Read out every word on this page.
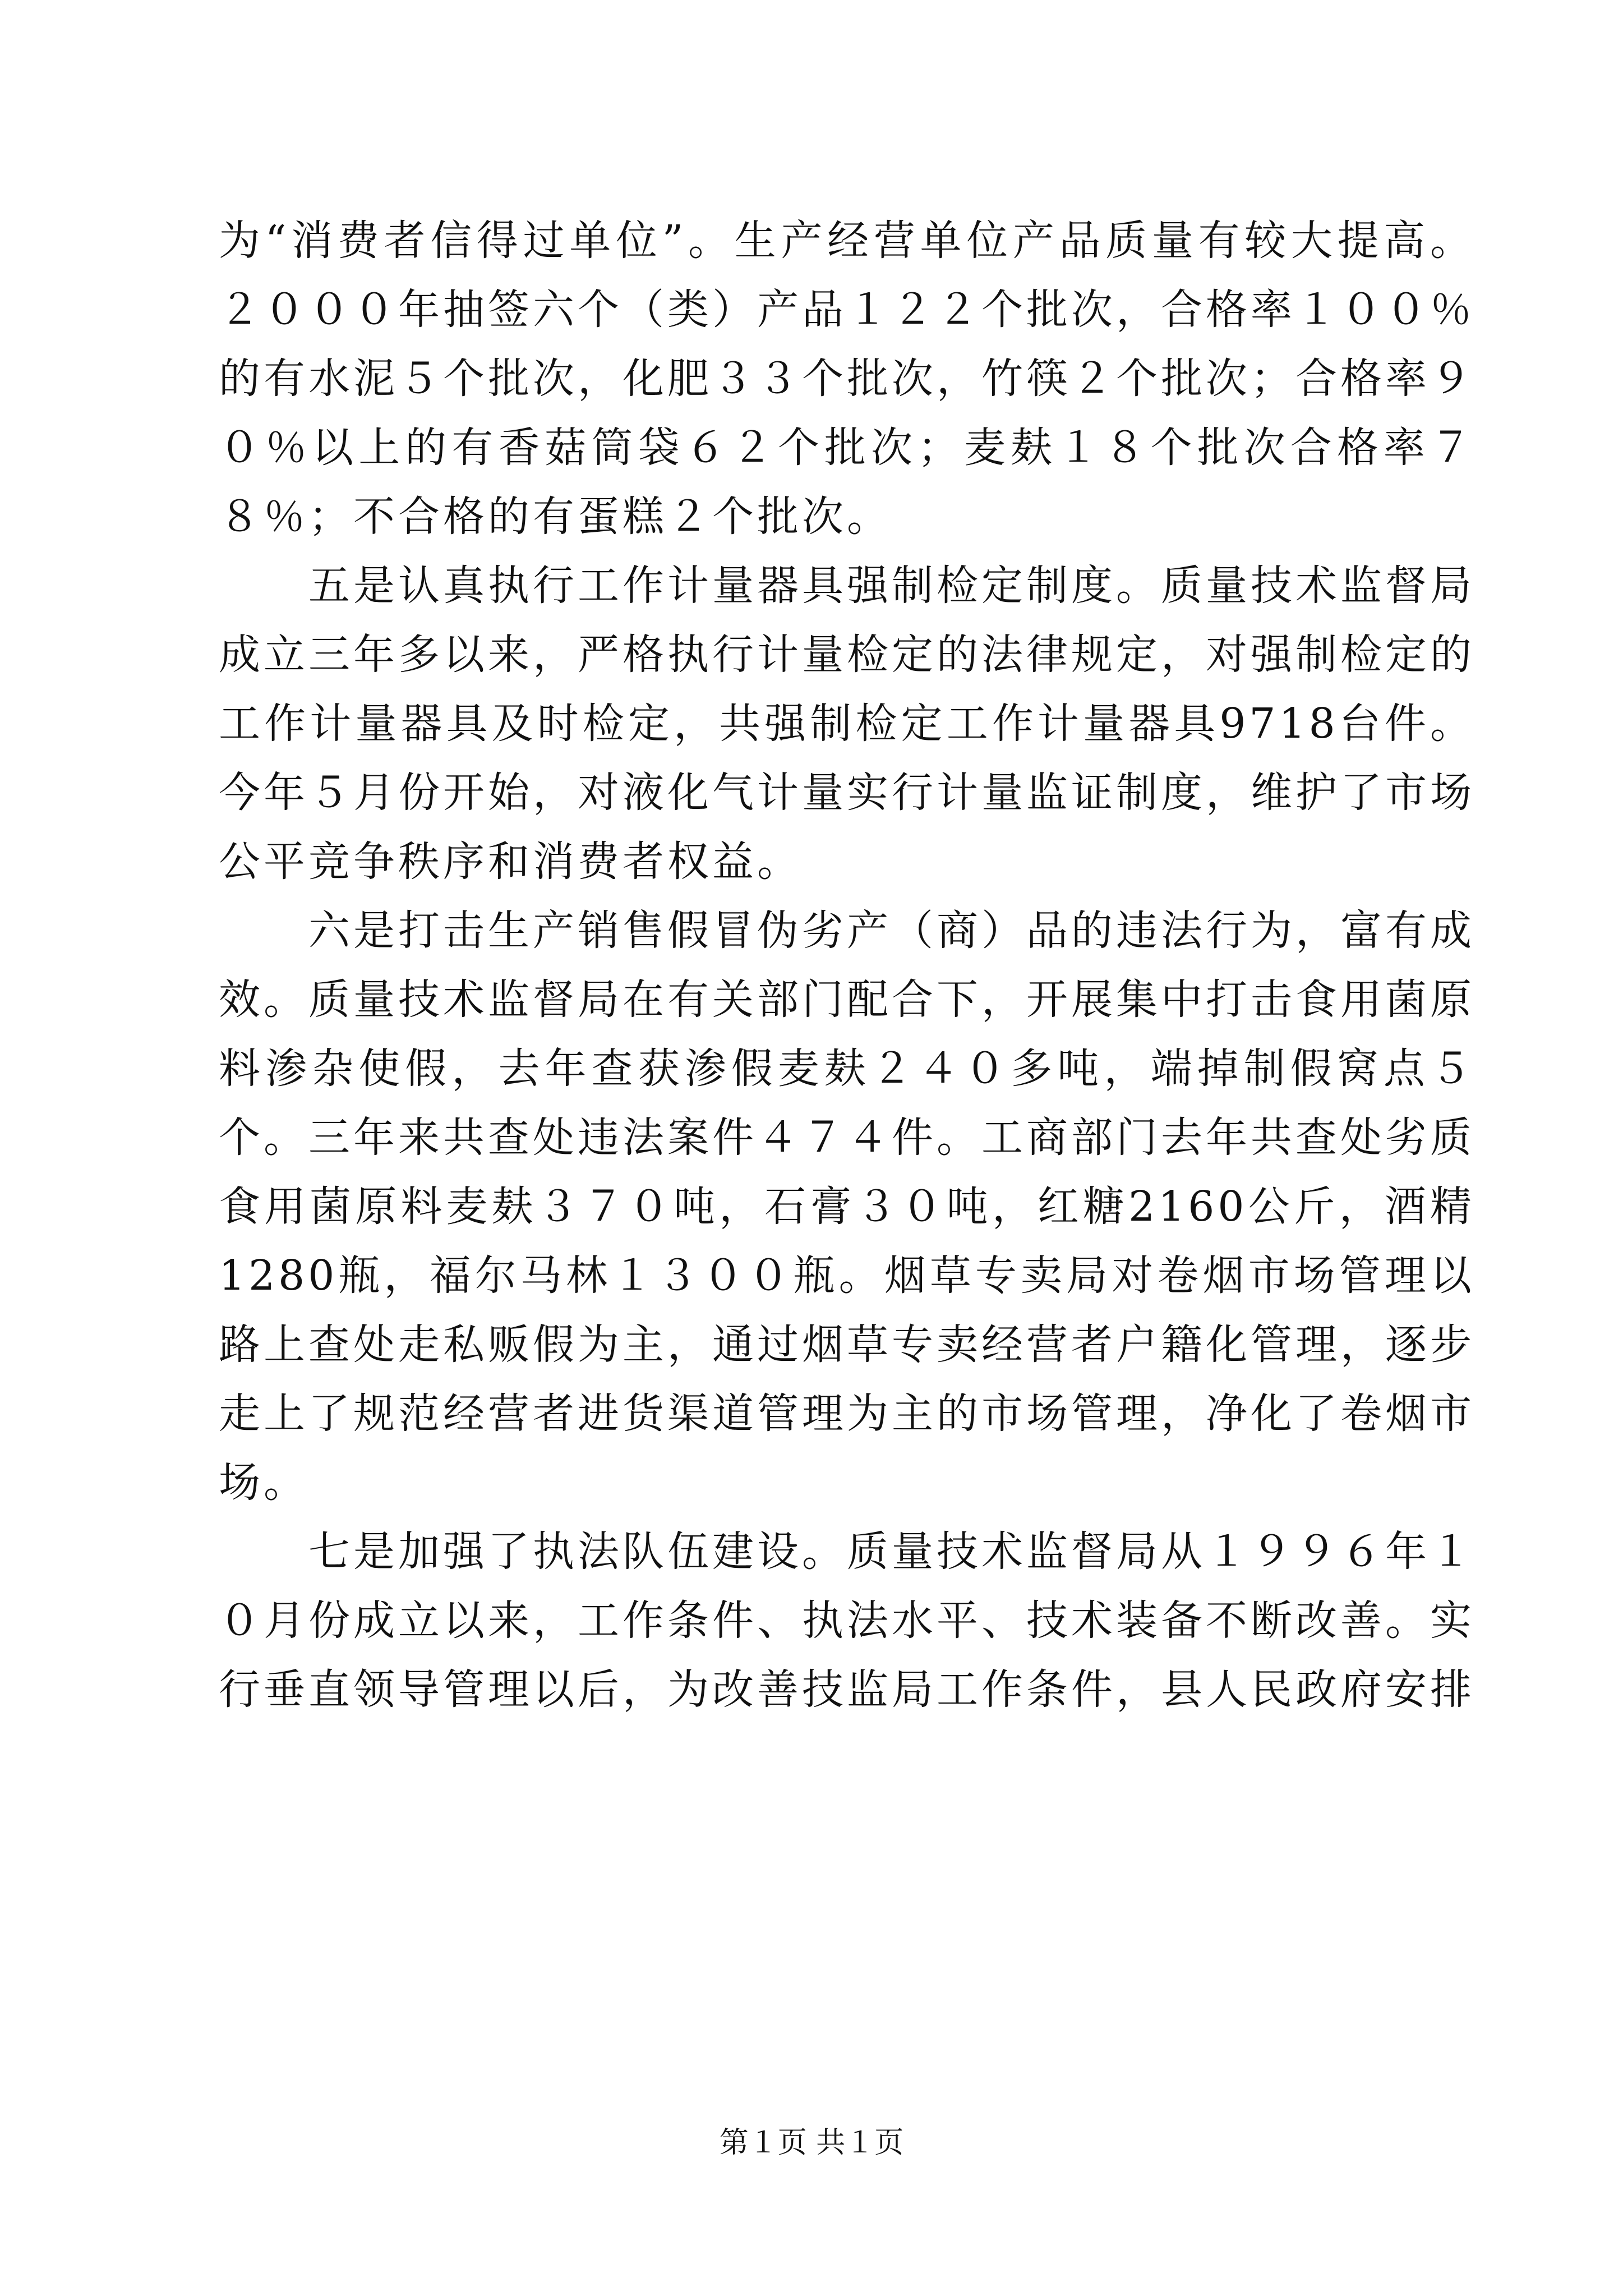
为“消费者信得过单位”。生产经营单位产品质量有较大提高。２０００年抽签六个（类）产品１２２个批次，合格率１００％的有水泥５个批次，化肥３３个批次，竹筷２个批次；合格率９０％以上的有香菇筒袋６２个批次；麦麸１８个批次合格率７８％；不合格的有蛋糕２个批次。

五是认真执行工作计量器具强制检定制度。质量技术监督局成立三年多以来，严格执行计量检定的法律规定，对强制检定的工作计量器具及时检定，共强制检定工作计量器具9718台件。今年５月份开始，对液化气计量实行计量监证制度，维护了市场公平竞争秩序和消费者权益。

六是打击生产销售假冒伪劣产（商）品的违法行为，富有成效。质量技术监督局在有关部门配合下，开展集中打击食用菌原料渗杂使假，去年查获渗假麦麸２４０多吨，端掉制假窝点５个。三年来共查处违法案件４７４件。工商部门去年共查处劣质食用菌原料麦麸３７０吨，石膏３０吨，红糖2160公斤，酒精1280瓶，福尔马林１３００瓶。烟草专卖局对卷烟市场管理以路上查处走私贩假为主，通过烟草专卖经营者户籍化管理，逐步走上了规范经营者进货渠道管理为主的市场管理，净化了卷烟市场。

七是加强了执法队伍建设。质量技术监督局从１９９６年１０月份成立以来，工作条件、执法水平、技术装备不断改善。实行垂直领导管理以后，为改善技监局工作条件，县人民政府安排

第１页 共１页
